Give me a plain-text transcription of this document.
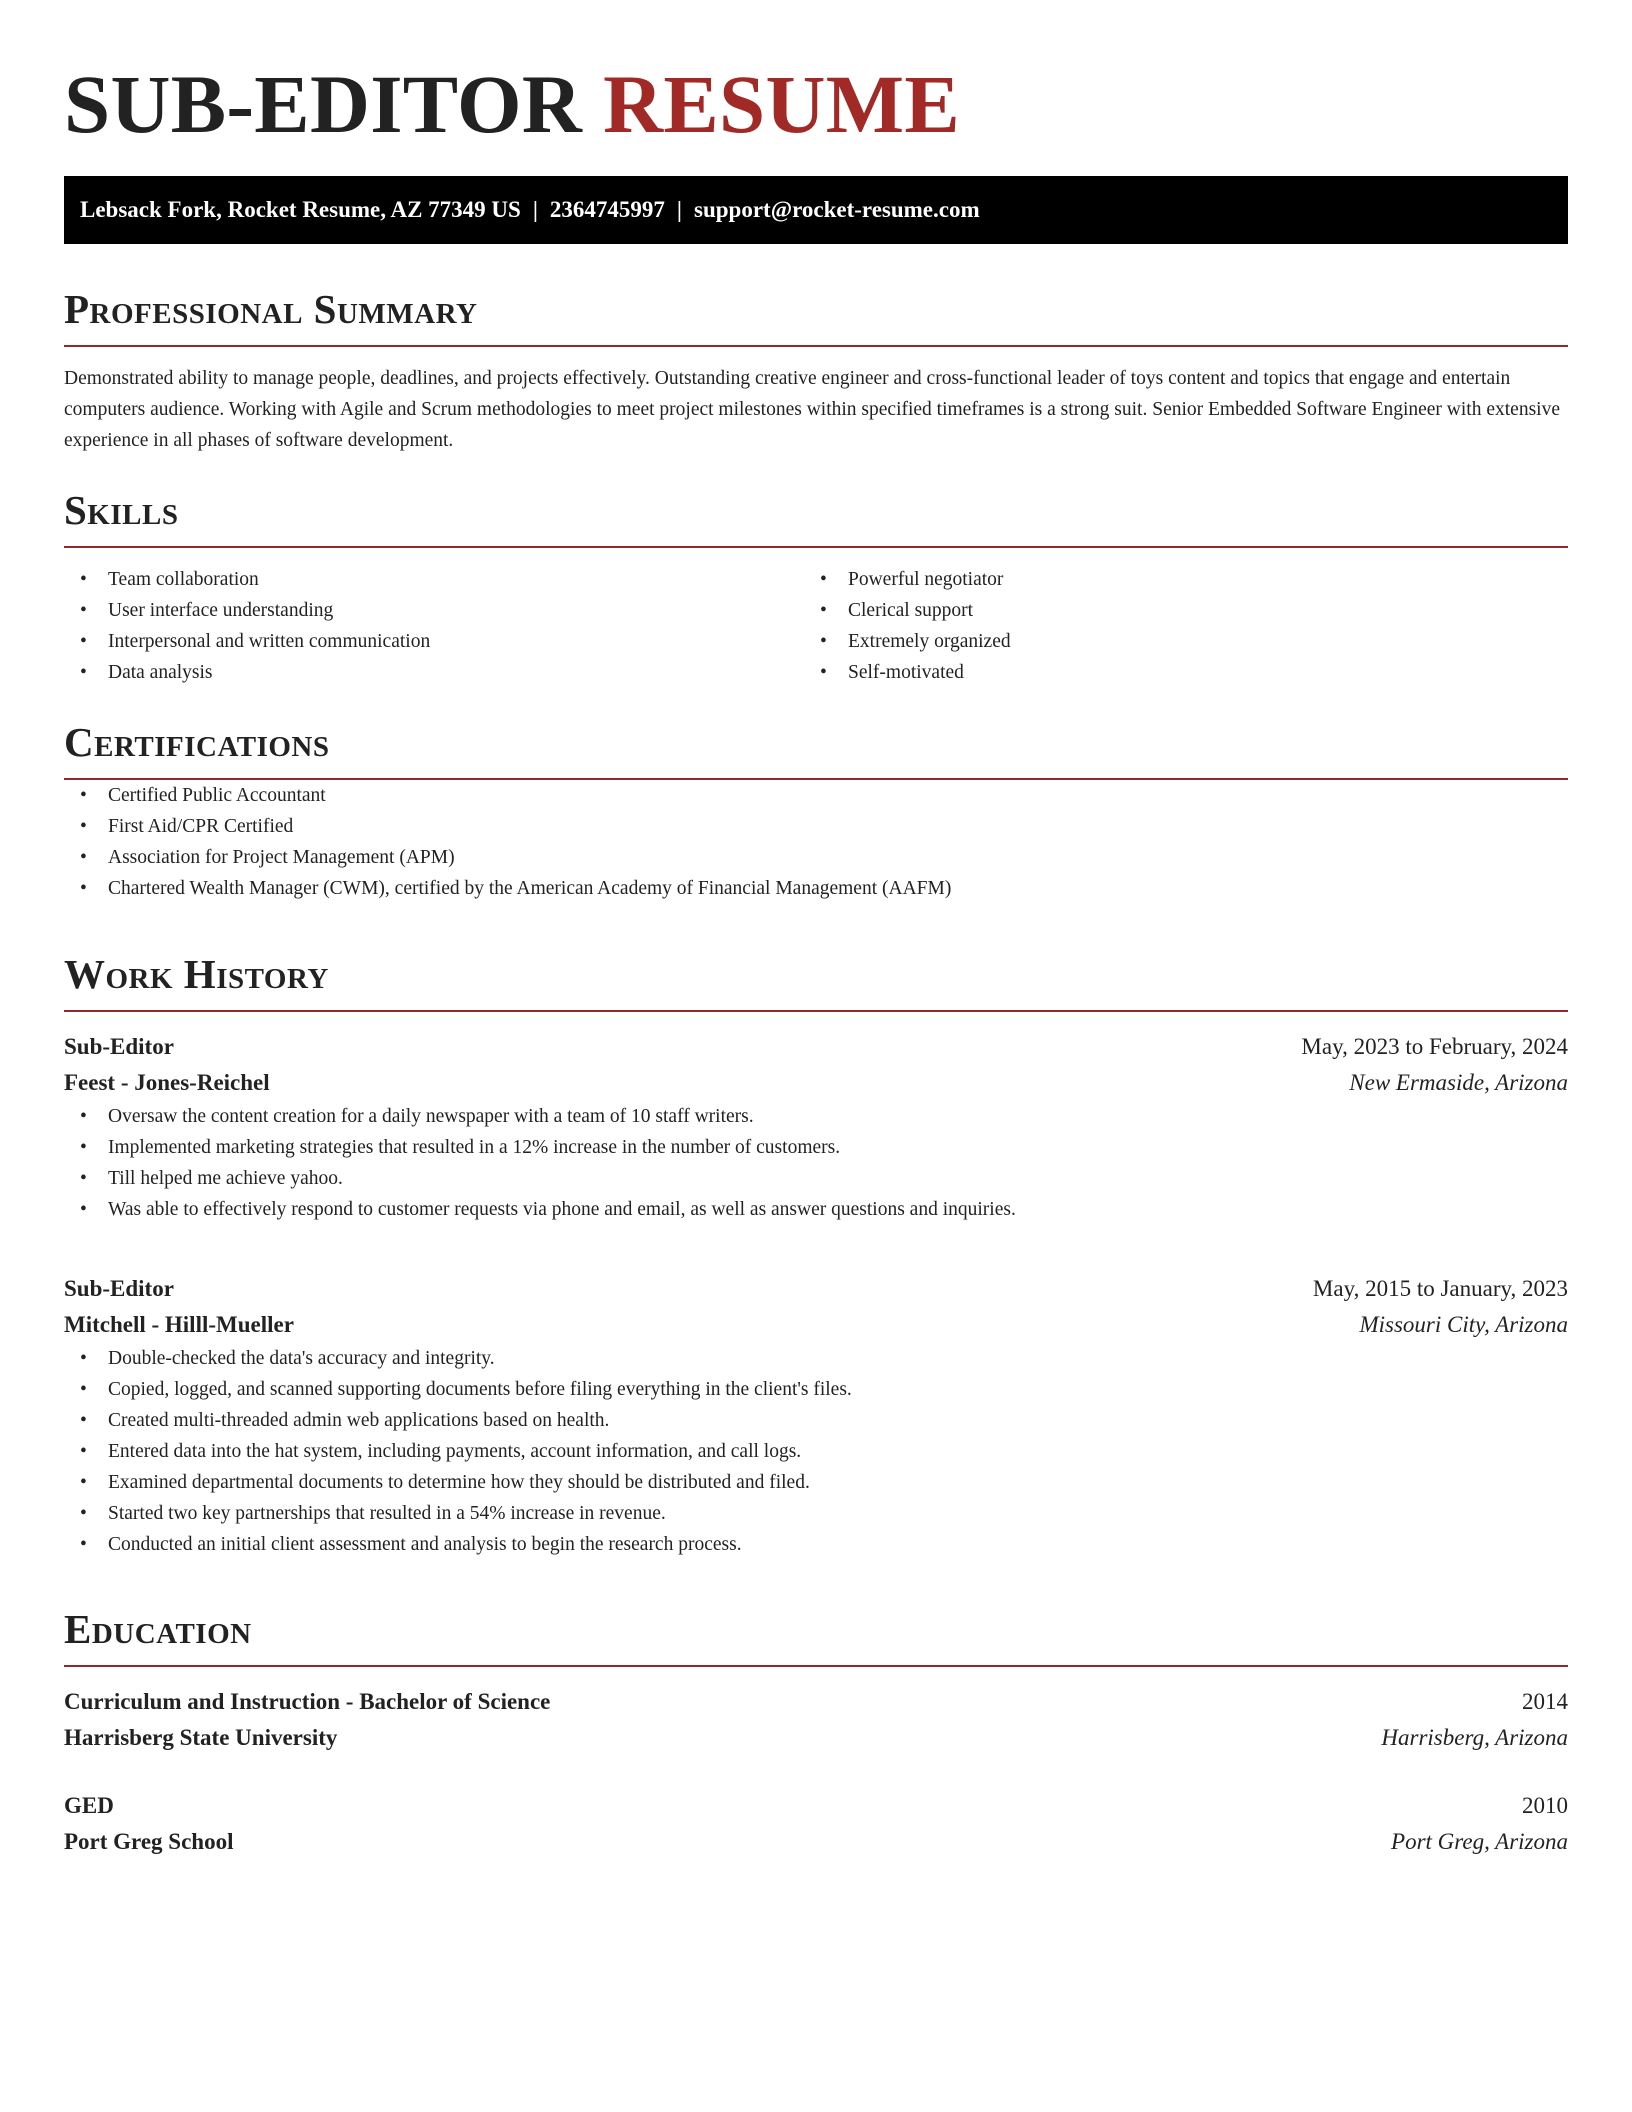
SUB-EDITOR RESUME
Lebsack Fork, Rocket Resume, AZ 77349 US | 2364745997 | support@rocket-resume.com
Professional Summary

Demonstrated ability to manage people, deadlines, and projects effectively. Outstanding creative engineer and cross-functional leader of toys content and topics that engage and entertain computers audience. Working with Agile and Scrum methodologies to meet project milestones within specified timeframes is a strong suit. Senior Embedded Software Engineer with extensive experience in all phases of software development.

Skills
• Team collaboration
• User interface understanding
• Interpersonal and written communication
• Data analysis
• Powerful negotiator
• Clerical support
• Extremely organized
• Self-motivated
Certifications
• Certified Public Accountant
• First Aid/CPR Certified
• Association for Project Management (APM)
• Chartered Wealth Manager (CWM), certified by the American Academy of Financial Management (AAFM)
Work History
Sub-Editor	May, 2023 to February, 2024
Feest - Jones-Reichel	New Ermaside, Arizona
• Oversaw the content creation for a daily newspaper with a team of 10 staff writers.
• Implemented marketing strategies that resulted in a 12% increase in the number of customers.
• Till helped me achieve yahoo.
• Was able to effectively respond to customer requests via phone and email, as well as answer questions and inquiries.
Sub-Editor	May, 2015 to January, 2023
Mitchell - Hilll-Mueller	Missouri City, Arizona
• Double-checked the data's accuracy and integrity.
• Copied, logged, and scanned supporting documents before filing everything in the client's files.
• Created multi-threaded admin web applications based on health.
• Entered data into the hat system, including payments, account information, and call logs.
• Examined departmental documents to determine how they should be distributed and filed.
• Started two key partnerships that resulted in a 54% increase in revenue.
• Conducted an initial client assessment and analysis to begin the research process.
Education
Curriculum and Instruction - Bachelor of Science	2014
Harrisberg State University	Harrisberg, Arizona
GED	2010
Port Greg School	Port Greg, Arizona
